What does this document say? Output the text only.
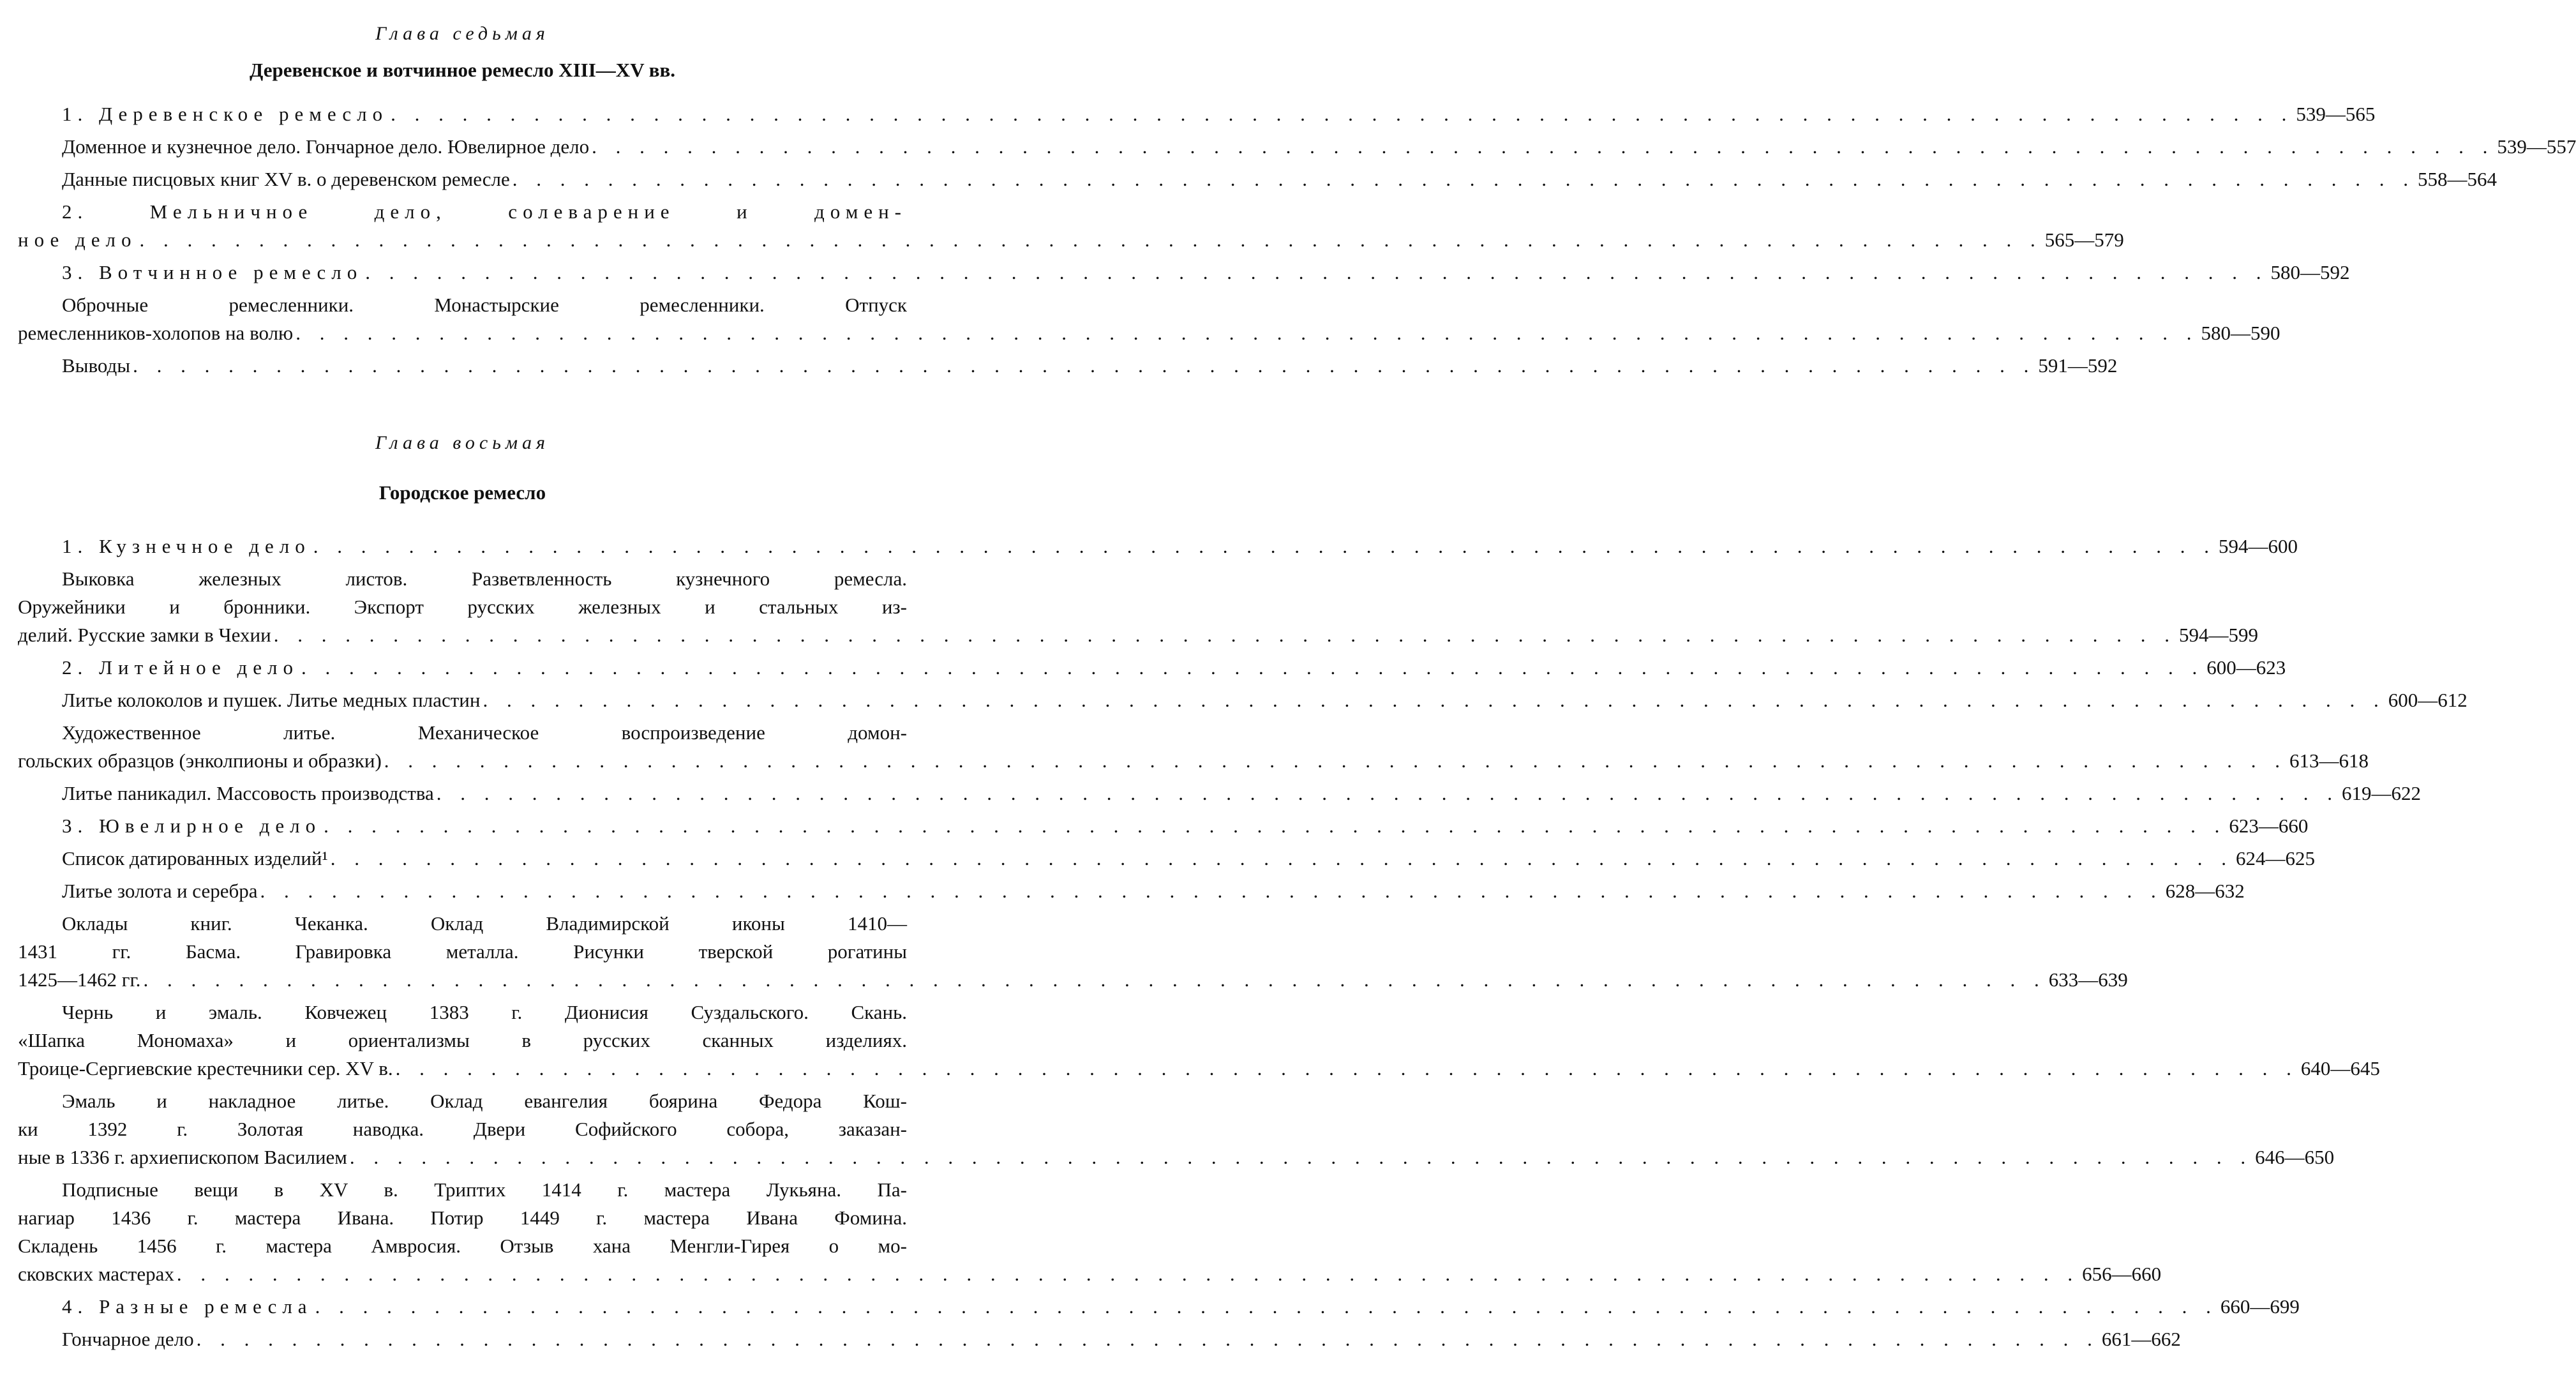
Глава седьмая
Деревенское и вотчинное ремесло XIII—XV вв.
1. Деревенское ремесло . . . . . . . . . . . . . . . . . . . . . . . . . . . . . . . . . . . . . . . . . . . . . . . . . . . . . . . . . . . . . . . . . . . . . . . . . . . . . . . . 539—565
Доменное и кузнечное дело. Гончарное дело. Ювелирное дело . . . . . . . . . . . . . . . . . . . . . . . . . . . . . . . . . . . . . . . . . . . . . . . . . . . . . . . . . . . . . . . . . . . . . . . . . . . . . . . . 539—557
Данные писцовых книг XV в. о деревенском ремесле . . . . . . . . . . . . . . . . . . . . . . . . . . . . . . . . . . . . . . . . . . . . . . . . . . . . . . . . . . . . . . . . . . . . . . . . . . . . . . . . 558—564
2. Мельничное дело, солеварение и домен-
ное дело . . . . . . . . . . . . . . . . . . . . . . . . . . . . . . . . . . . . . . . . . . . . . . . . . . . . . . . . . . . . . . . . . . . . . . . . . . . . . . . . 565—579
3. Вотчинное ремесло . . . . . . . . . . . . . . . . . . . . . . . . . . . . . . . . . . . . . . . . . . . . . . . . . . . . . . . . . . . . . . . . . . . . . . . . . . . . . . . . 580—592
Оброчные ремесленники. Монастырские ремесленники. Отпуск
ремесленников-холопов на волю . . . . . . . . . . . . . . . . . . . . . . . . . . . . . . . . . . . . . . . . . . . . . . . . . . . . . . . . . . . . . . . . . . . . . . . . . . . . . . . . 580—590
Выводы . . . . . . . . . . . . . . . . . . . . . . . . . . . . . . . . . . . . . . . . . . . . . . . . . . . . . . . . . . . . . . . . . . . . . . . . . . . . . . . . 591—592
Глава восьмая
Городское ремесло
1. Кузнечное дело . . . . . . . . . . . . . . . . . . . . . . . . . . . . . . . . . . . . . . . . . . . . . . . . . . . . . . . . . . . . . . . . . . . . . . . . . . . . . . . . 594—600
Выковка железных листов. Разветвленность кузнечного ремесла.
Оружейники и бронники. Экспорт русских железных и стальных из-
делий. Русские замки в Чехии . . . . . . . . . . . . . . . . . . . . . . . . . . . . . . . . . . . . . . . . . . . . . . . . . . . . . . . . . . . . . . . . . . . . . . . . . . . . . . . . 594—599
2. Литейное дело . . . . . . . . . . . . . . . . . . . . . . . . . . . . . . . . . . . . . . . . . . . . . . . . . . . . . . . . . . . . . . . . . . . . . . . . . . . . . . . . 600—623
Литье колоколов и пушек. Литье медных пластин . . . . . . . . . . . . . . . . . . . . . . . . . . . . . . . . . . . . . . . . . . . . . . . . . . . . . . . . . . . . . . . . . . . . . . . . . . . . . . . . 600—612
Художественное литье. Механическое воспроизведение домон-
гольских образцов (энколпионы и образки) . . . . . . . . . . . . . . . . . . . . . . . . . . . . . . . . . . . . . . . . . . . . . . . . . . . . . . . . . . . . . . . . . . . . . . . . . . . . . . . . 613—618
Литье паникадил. Массовость производства . . . . . . . . . . . . . . . . . . . . . . . . . . . . . . . . . . . . . . . . . . . . . . . . . . . . . . . . . . . . . . . . . . . . . . . . . . . . . . . . 619—622
3. Ювелирное дело . . . . . . . . . . . . . . . . . . . . . . . . . . . . . . . . . . . . . . . . . . . . . . . . . . . . . . . . . . . . . . . . . . . . . . . . . . . . . . . . 623—660
Список датированных изделий¹ . . . . . . . . . . . . . . . . . . . . . . . . . . . . . . . . . . . . . . . . . . . . . . . . . . . . . . . . . . . . . . . . . . . . . . . . . . . . . . . . 624—625
Литье золота и серебра . . . . . . . . . . . . . . . . . . . . . . . . . . . . . . . . . . . . . . . . . . . . . . . . . . . . . . . . . . . . . . . . . . . . . . . . . . . . . . . . 628—632
Оклады книг. Чеканка. Оклад Владимирской иконы 1410—
1431 гг. Басма. Гравировка металла. Рисунки тверской рогатины
1425—1462 гг. . . . . . . . . . . . . . . . . . . . . . . . . . . . . . . . . . . . . . . . . . . . . . . . . . . . . . . . . . . . . . . . . . . . . . . . . . . . . . . . . 633—639
Чернь и эмаль. Ковчежец 1383 г. Дионисия Суздальского. Скань.
«Шапка Мономаха» и ориентализмы в русских сканных изделиях.
Троице-Сергиевские крестечники сер. XV в. . . . . . . . . . . . . . . . . . . . . . . . . . . . . . . . . . . . . . . . . . . . . . . . . . . . . . . . . . . . . . . . . . . . . . . . . . . . . . . . . 640—645
Эмаль и накладное литье. Оклад евангелия боярина Федора Кош-
ки 1392 г. Золотая наводка. Двери Софийского собора, заказан-
ные в 1336 г. архиепископом Василием . . . . . . . . . . . . . . . . . . . . . . . . . . . . . . . . . . . . . . . . . . . . . . . . . . . . . . . . . . . . . . . . . . . . . . . . . . . . . . . . 646—650
Подписные вещи в XV в. Триптих 1414 г. мастера Лукьяна. Па-
нагиар 1436 г. мастера Ивана. Потир 1449 г. мастера Ивана Фомина.
Складень 1456 г. мастера Амвросия. Отзыв хана Менгли-Гирея о мо-
сковских мастерах . . . . . . . . . . . . . . . . . . . . . . . . . . . . . . . . . . . . . . . . . . . . . . . . . . . . . . . . . . . . . . . . . . . . . . . . . . . . . . . . 656—660
4. Разные ремесла . . . . . . . . . . . . . . . . . . . . . . . . . . . . . . . . . . . . . . . . . . . . . . . . . . . . . . . . . . . . . . . . . . . . . . . . . . . . . . . . 660—699
Гончарное дело . . . . . . . . . . . . . . . . . . . . . . . . . . . . . . . . . . . . . . . . . . . . . . . . . . . . . . . . . . . . . . . . . . . . . . . . . . . . . . . . 661—662
